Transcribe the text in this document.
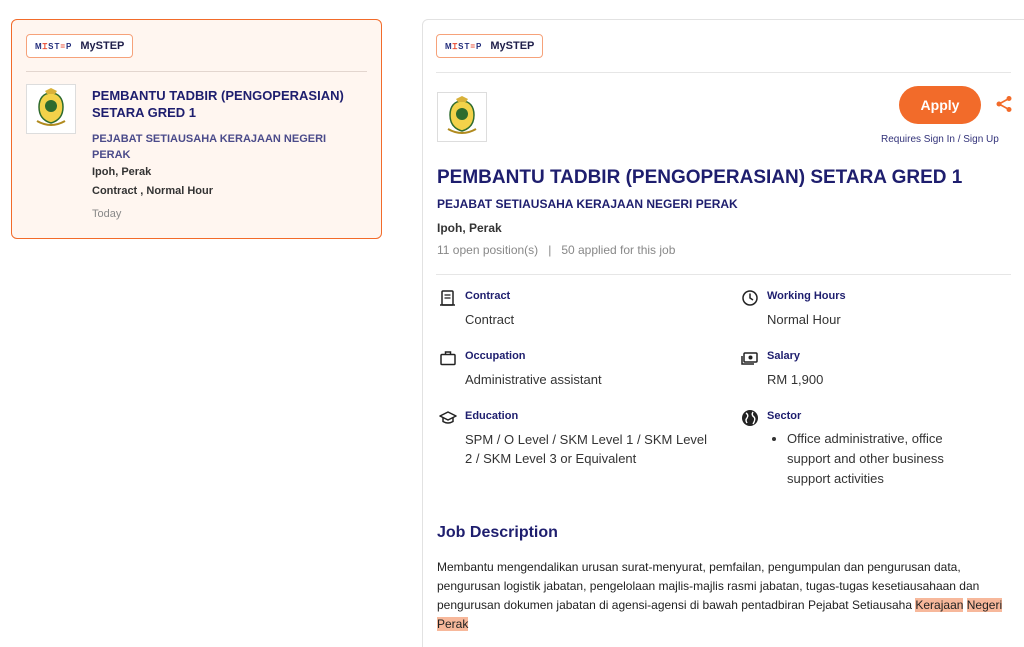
MꞮST=P MySTEP
PEMBANTU TADBIR (PENGOPERASIAN) SETARA GRED 1
PEJABAT SETIAUSAHA KERAJAAN NEGERI PERAK
Ipoh, Perak
Contract , Normal Hour
Today
MꞮST=P MySTEP
Apply
Requires Sign In / Sign Up
PEMBANTU TADBIR (PENGOPERASIAN) SETARA GRED 1
PEJABAT SETIAUSAHA KERAJAAN NEGERI PERAK
Ipoh, Perak
11 open position(s) | 50 applied for this job
Contract
Contract
Working Hours
Normal Hour
Occupation
Administrative assistant
Salary
RM 1,900
Education
SPM / O Level / SKM Level 1 / SKM Level 2 / SKM Level 3 or Equivalent
Sector
• Office administrative, office support and other business support activities
Job Description
Membantu mengendalikan urusan surat-menyurat, pemfailan, pengumpulan dan pengurusan data, pengurusan logistik jabatan, pengelolaan majlis-majlis rasmi jabatan, tugas-tugas kesetiausahaan dan pengurusan dokumen jabatan di agensi-agensi di bawah pentadbiran Pejabat Setiausaha Kerajaan Negeri Perak
